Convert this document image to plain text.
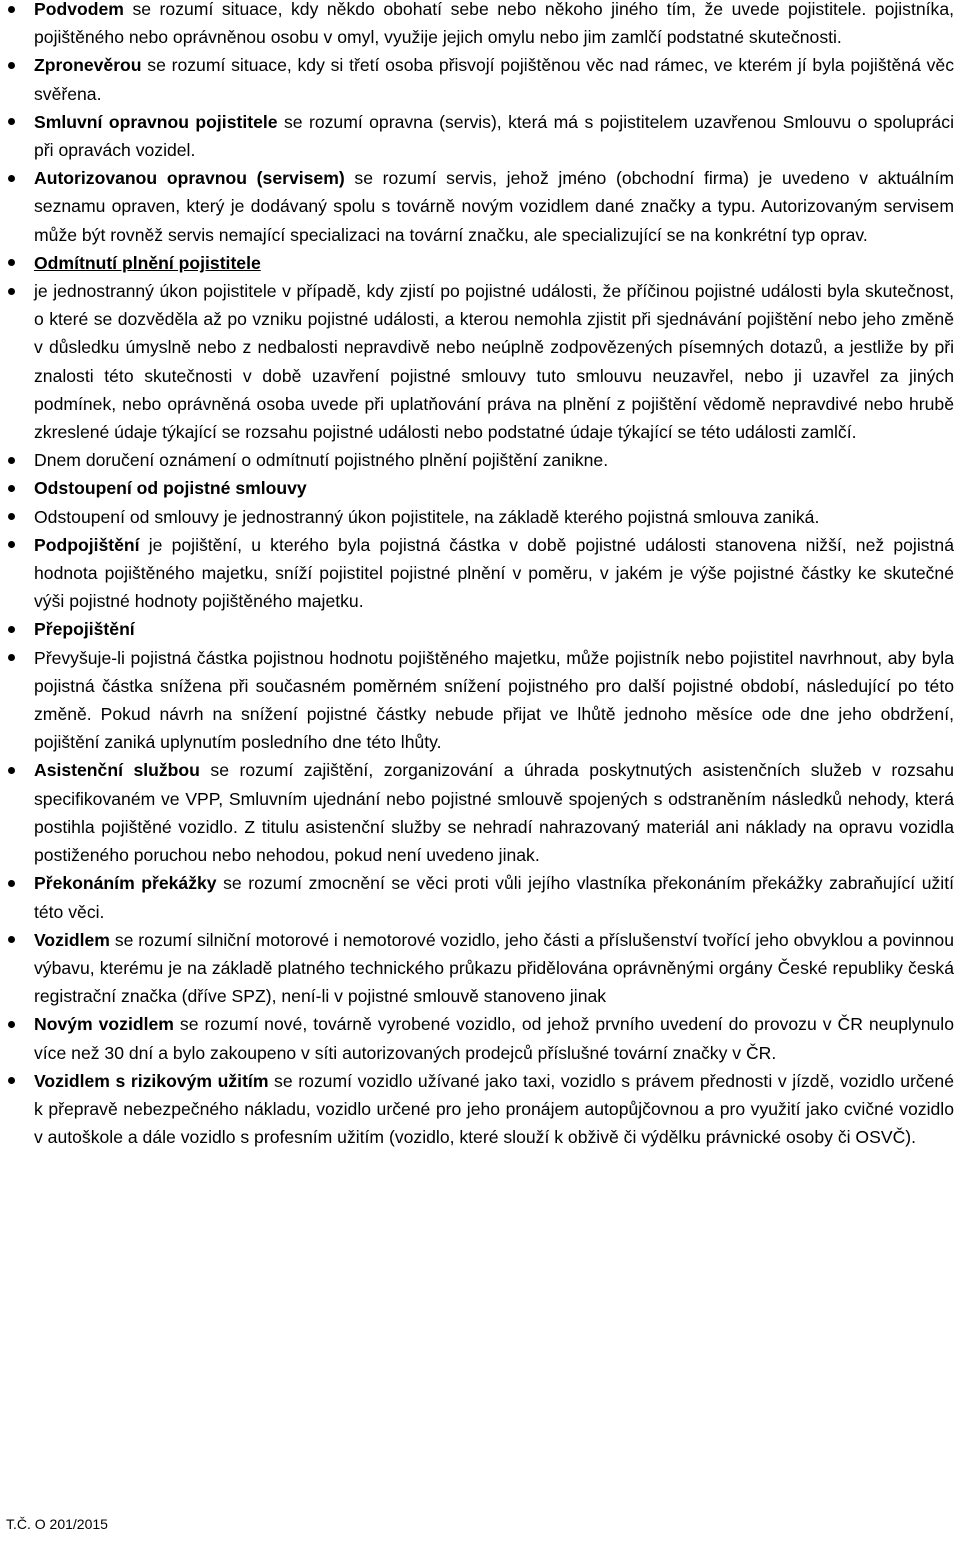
Podvodem se rozumí situace, kdy někdo obohatí sebe nebo někoho jiného tím, že uvede pojistitele. pojistníka, pojištěného nebo oprávněnou osobu v omyl, využije jejich omylu nebo jim zamlčí podstatné skutečnosti.
Zpronevěrou se rozumí situace, kdy si třetí osoba přisvojí pojištěnou věc nad rámec, ve kterém jí byla pojištěná věc svěřena.
Smluvní opravnou pojistitele se rozumí opravna (servis), která má s pojistitelem uzavřenou Smlouvu o spolupráci při opravách vozidel.
Autorizovanou opravnou (servisem) se rozumí servis, jehož jméno (obchodní firma) je uvedeno v aktuálním seznamu opraven, který je dodávaný spolu s továrně novým vozidlem dané značky a typu. Autorizovaným servisem může být rovněž servis nemající specializaci na tovární značku, ale specializující se na konkrétní typ oprav.
Odmítnutí plnění pojistitele
je jednostranný úkon pojistitele v případě, kdy zjistí po pojistné události, že příčinou pojistné události byla skutečnost, o které se dozvěděla až po vzniku pojistné události, a kterou nemohla zjistit při sjednávání pojištění nebo jeho změně v důsledku úmyslně nebo z nedbalosti nepravdivě nebo neúplně zodpovězených písemných dotazů, a jestliže by při znalosti této skutečnosti v době uzavření pojistné smlouvy tuto smlouvu neuzavřel, nebo ji uzavřel za jiných podmínek, nebo oprávněná osoba uvede při uplatňování práva na plnění z pojištění vědomě nepravdivé nebo hrubě zkreslené údaje týkající se rozsahu pojistné události nebo podstatné údaje týkající se této události zamlčí.
Dnem doručení oznámení o odmítnutí pojistného plnění pojištění zanikne.
Odstoupení od pojistné smlouvy
Odstoupení od smlouvy je jednostranný úkon pojistitele, na základě kterého pojistná smlouva zaniká.
Podpojištění je pojištění, u kterého byla pojistná částka v době pojistné události stanovena nižší, než pojistná hodnota pojištěného majetku, sníží pojistitel pojistné plnění v poměru, v jakém je výše pojistné částky ke skutečné výši pojistné hodnoty pojištěného majetku.
Přepojištění
Převyšuje-li pojistná částka pojistnou hodnotu pojištěného majetku, může pojistník nebo pojistitel navrhnout, aby byla pojistná částka snížena při současném poměrném snížení pojistného pro další pojistné období, následující po této změně. Pokud návrh na snížení pojistné částky nebude přijat ve lhůtě jednoho měsíce ode dne jeho obdržení, pojištění zaniká uplynutím posledního dne této lhůty.
Asistenční službou se rozumí zajištění, zorganizování a úhrada poskytnutých asistenčních služeb v rozsahu specifikovaném ve VPP, Smluvním ujednání nebo pojistné smlouvě spojených s odstraněním následků nehody, která postihla pojištěné vozidlo. Z titulu asistenční služby se nehradí nahrazovaný materiál ani náklady na opravu vozidla postiženého poruchou nebo nehodou, pokud není uvedeno jinak.
Překonáním překážky se rozumí zmocnění se věci proti vůli jejího vlastníka překonáním překážky zabraňující užití této věci.
Vozidlem se rozumí silniční motorové i nemotorové vozidlo, jeho části a příslušenství tvořící jeho obvyklou a povinnou výbavu, kterému je na základě platného technického průkazu přidělována oprávněnými orgány České republiky česká registrační značka (dříve SPZ), není-li v pojistné smlouvě stanoveno jinak
Novým vozidlem se rozumí nové, továrně vyrobené vozidlo, od jehož prvního uvedení do provozu v ČR neuplynulo více než 30 dní a bylo zakoupeno v síti autorizovaných prodejců příslušné tovární značky v ČR.
Vozidlem s rizikovým užitím se rozumí vozidlo užívané jako taxi, vozidlo s právem přednosti v jízdě, vozidlo určené k přepravě nebezpečného nákladu, vozidlo určené pro jeho pronájem autopůjčovnou a pro využití jako cvičné vozidlo v autoškole a dále vozidlo s profesním užitím (vozidlo, které slouží k obživě či výdělku právnické osoby či OSVČ).
T.Č. O 201/2015
